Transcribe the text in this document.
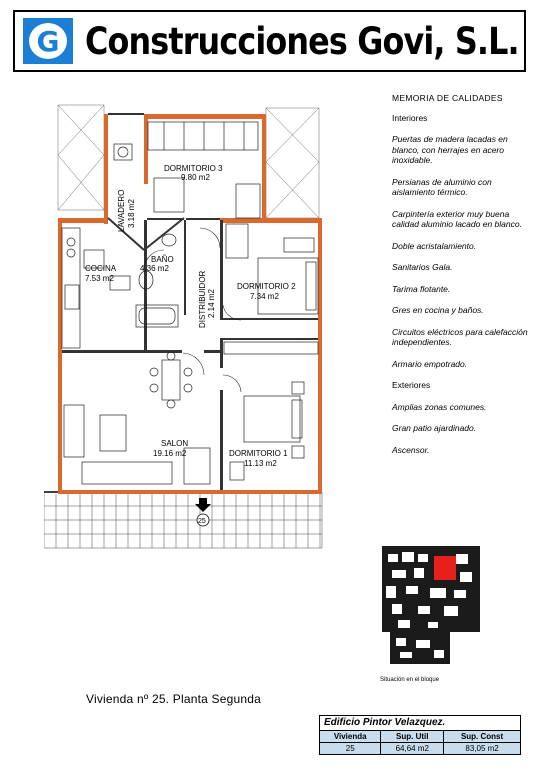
G Construcciones Govi, S.L.
DORMITORIO 3
9.80 m2
LAVADERO 3.18 m2
BAÑO
4.36 m2
COCINA
7.53 m2	DISTRIBUIDOR 2.14 m2
DORMITORIO 2
7.34 m2
SALON
19.16 m2	DORMITORIO 1
11.13 m2
25
MEMORIA DE CALIDADES
Interiores
Puertas de madera lacadas en blanco, con herrajes en acero inoxidable.
Persianas de aluminio con aislamiento térmico.
Carpintería exterior muy buena calidad aluminio lacado en blanco.
Doble acristalamiento.
Sanitarios Gala.
Tarima flotante.
Gres en cocina y baños.
Circuitos eléctricos para calefacción independientes.
Armario empotrado.
Exteriores
Amplias zonas comunes.
Gran patio ajardinado.
Ascensor.
Situación en el bloque
Vivienda nº 25. Planta Segunda
Edificio Pintor Velazquez.
Vivienda	Sup. Util	Sup. Const
25	64,64 m2	83,05 m2
